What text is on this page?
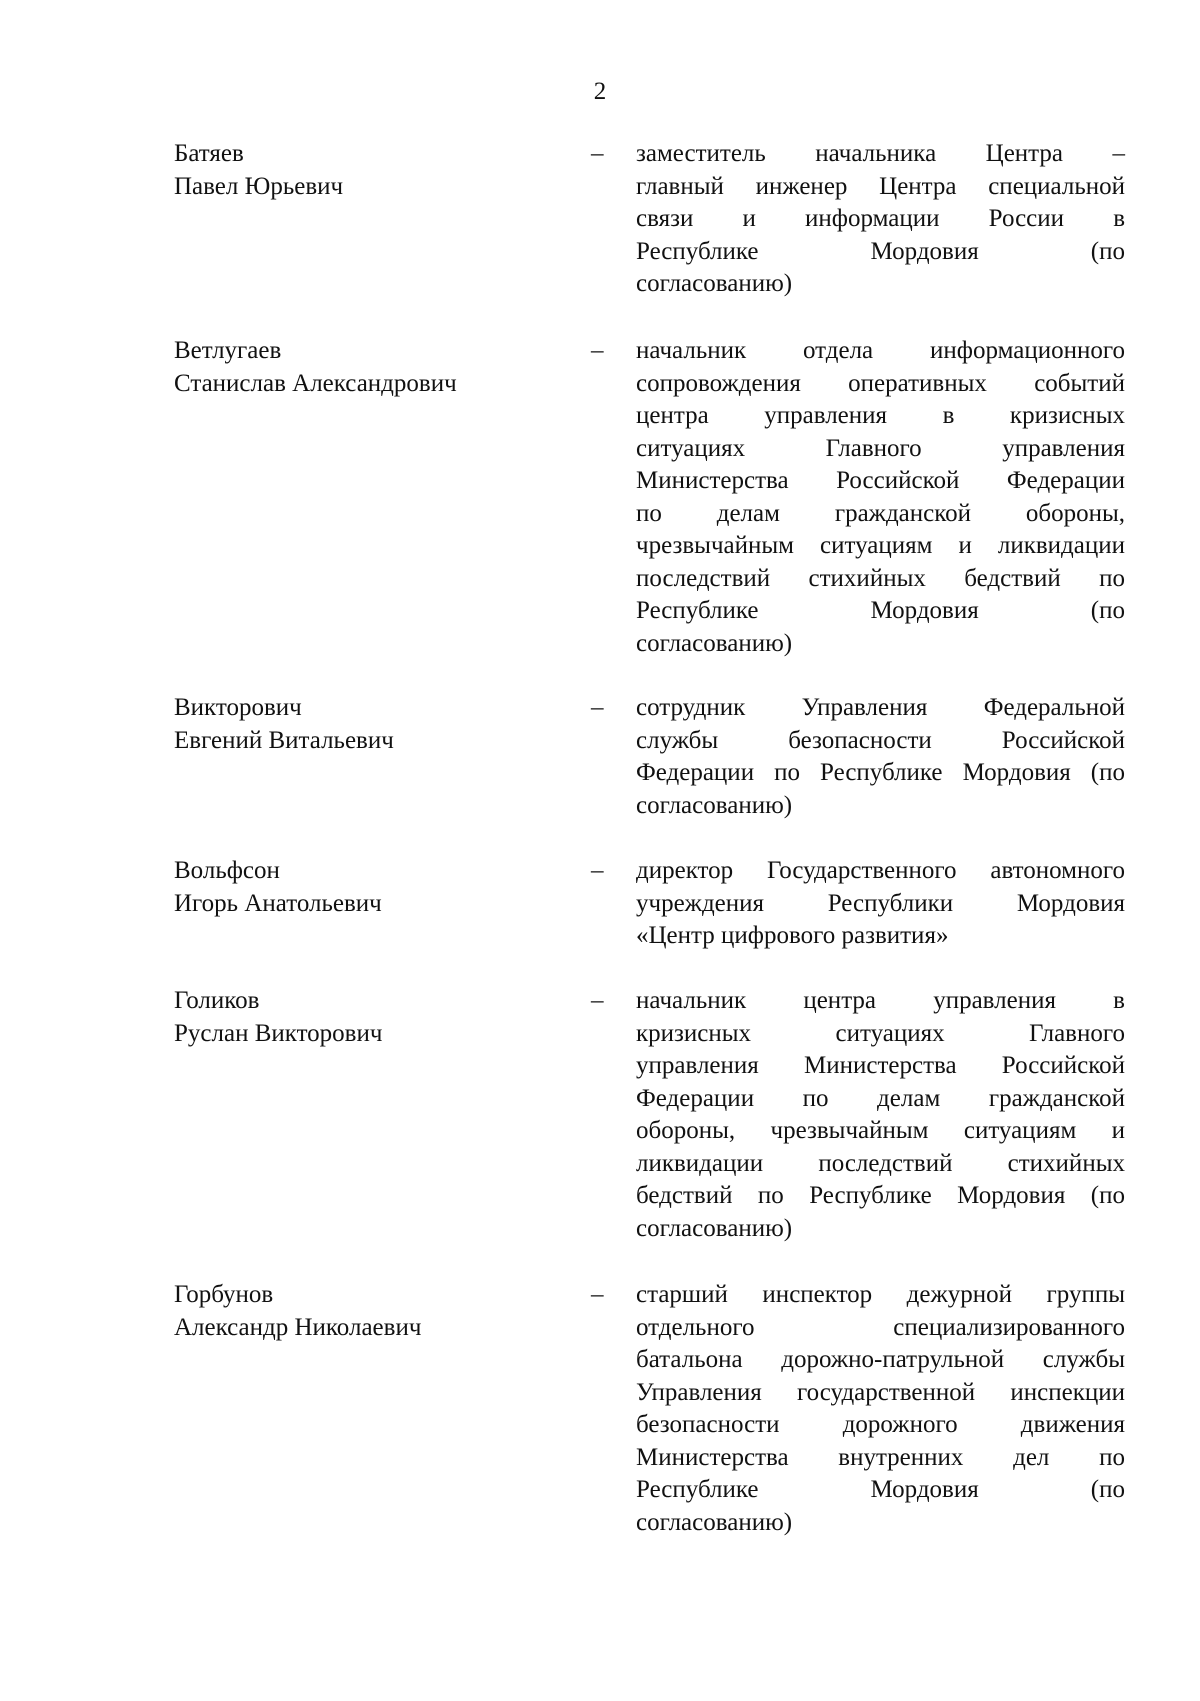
2
Батяев
Павел Юрьевич
– заместитель начальника Центра –
главный инженер Центра специальной
связи и информации России в
Республике Мордовия (по
согласованию)
Ветлугаев
Станислав Александрович
– начальник отдела информационного
сопровождения оперативных событий
центра управления в кризисных
ситуациях Главного управления
Министерства Российской Федерации
по делам гражданской обороны,
чрезвычайным ситуациям и ликвидации
последствий стихийных бедствий по
Республике Мордовия (по
согласованию)
Викторович
Евгений Витальевич
– сотрудник Управления Федеральной
службы безопасности Российской
Федерации по Республике Мордовия (по
согласованию)
Вольфсон
Игорь Анатольевич
– директор Государственного автономного
учреждения Республики Мордовия
«Центр цифрового развития»
Голиков
Руслан Викторович
– начальник центра управления в
кризисных ситуациях Главного
управления Министерства Российской
Федерации по делам гражданской
обороны, чрезвычайным ситуациям и
ликвидации последствий стихийных
бедствий по Республике Мордовия (по
согласованию)
Горбунов
Александр Николаевич
– старший инспектор дежурной группы
отдельного специализированного
батальона дорожно-патрульной службы
Управления государственной инспекции
безопасности дорожного движения
Министерства внутренних дел по
Республике Мордовия (по
согласованию)
